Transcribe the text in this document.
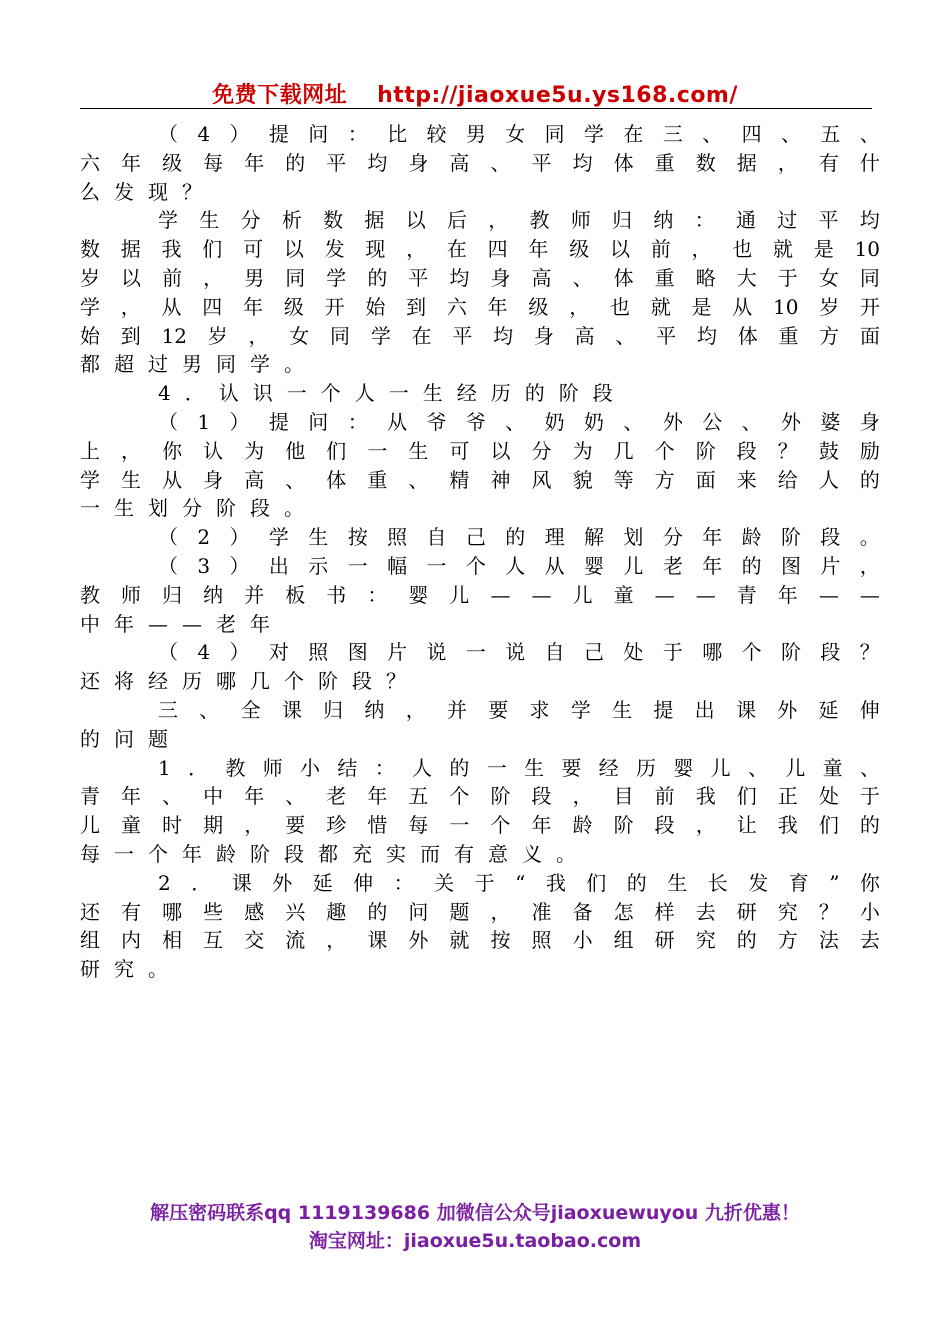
免费下载网址 http://jiaoxue5u.ys168.com/
（ 4 ） 提 问 ： 比 较 男 女 同 学 在 三 、 四 、 五 、
六 年 级 每 年 的 平 均 身 高 、 平 均 体 重 数 据 ， 有 什
么发现？
学 生 分 析 数 据 以 后 ， 教 师 归 纳 ： 通 过 平 均
数 据 我 们 可 以 发 现 ， 在 四 年 级 以 前 ， 也 就 是 10
岁 以 前 ， 男 同 学 的 平 均 身 高 、 体 重 略 大 于 女 同
学 ， 从 四 年 级 开 始 到 六 年 级 ， 也 就 是 从 10 岁 开
始 到 12 岁 ， 女 同 学 在 平 均 身 高 、 平 均 体 重 方 面
都超过男同学。
4．认识一个人一生经历的阶段
（ 1 ） 提 问 ： 从 爷 爷 、 奶 奶 、 外 公 、 外 婆 身
上 ， 你 认 为 他 们 一 生 可 以 分 为 几 个 阶 段 ？ 鼓 励
学 生 从 身 高 、 体 重 、 精 神 风 貌 等 方 面 来 给 人 的
一生划分阶段。
（ 2 ） 学 生 按 照 自 己 的 理 解 划 分 年 龄 阶 段 。
（ 3 ） 出 示 一 幅 一 个 人 从 婴 儿 老 年 的 图 片 ，
教 师 归 纳 并 板 书 ： 婴 儿 — — 儿 童 — — 青 年 — —
中年——老年
（ 4 ） 对 照 图 片 说 一 说 自 己 处 于 哪 个 阶 段 ？
还将经历哪几个阶段？
三 、 全 课 归 纳 ， 并 要 求 学 生 提 出 课 外 延 伸
的问题
1 ． 教 师 小 结 ： 人 的 一 生 要 经 历 婴 儿 、 儿 童 、
青 年 、 中 年 、 老 年 五 个 阶 段 ， 目 前 我 们 正 处 于
儿 童 时 期 ， 要 珍 惜 每 一 个 年 龄 阶 段 ， 让 我 们 的
每一个年龄阶段都充实而有意义。
2 ． 课 外 延 伸 ： 关 于 “ 我 们 的 生 长 发 育 ” 你
还 有 哪 些 感 兴 趣 的 问 题 ， 准 备 怎 样 去 研 究 ？ 小
组 内 相 互 交 流 ， 课 外 就 按 照 小 组 研 究 的 方 法 去
研究。
解压密码联系qq 1119139686 加微信公众号jiaoxuewuyou 九折优惠！
淘宝网址：jiaoxue5u.taobao.com
